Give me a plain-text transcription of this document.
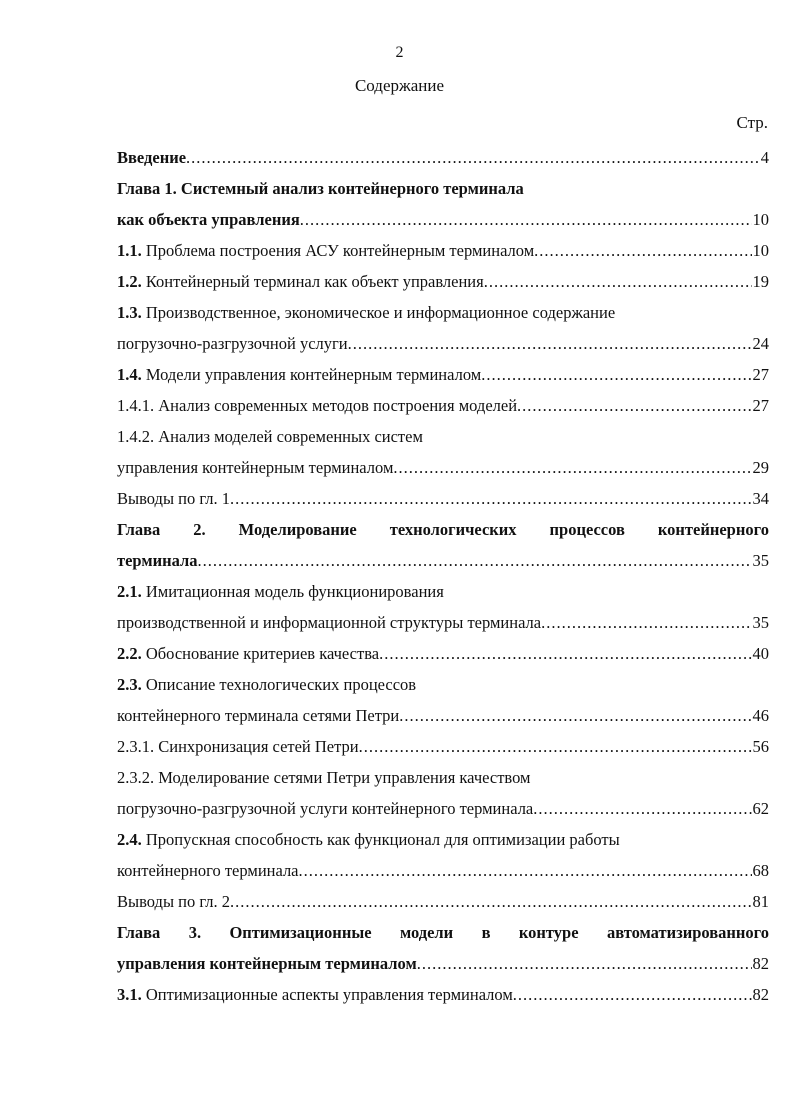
2
Содержание
Стр.
Введение .....	4
Глава 1. Системный анализ контейнерного терминала
как объекта управления .....	10
1.1. Проблема построения АСУ контейнерным терминалом .....	10
1.2. Контейнерный терминал как объект управления .....	19
1.3. Производственное, экономическое и информационное содержание
погрузочно-разгрузочной услуги .....	24
1.4. Модели управления контейнерным терминалом .....	27
1.4.1. Анализ современных методов построения моделей .....	27
1.4.2. Анализ моделей современных систем
управления контейнерным терминалом .....	29
Выводы по гл. 1 .....	34
Глава 2. Моделирование технологических процессов контейнерного
терминала .....	35
2.1. Имитационная модель функционирования
производственной и информационной структуры терминала .....	35
2.2. Обоснование критериев качества .....	40
2.3. Описание технологических процессов
контейнерного терминала сетями Петри .....	46
2.3.1. Синхронизация сетей Петри .....	56
2.3.2. Моделирование сетями Петри управления качеством
погрузочно-разгрузочной услуги контейнерного терминала .....	62
2.4. Пропускная способность как функционал для оптимизации работы
контейнерного терминала .....	68
Выводы по гл. 2 .....	81
Глава 3. Оптимизационные модели в контуре автоматизированного
управления контейнерным терминалом .....	82
3.1. Оптимизационные аспекты управления терминалом .....	82
